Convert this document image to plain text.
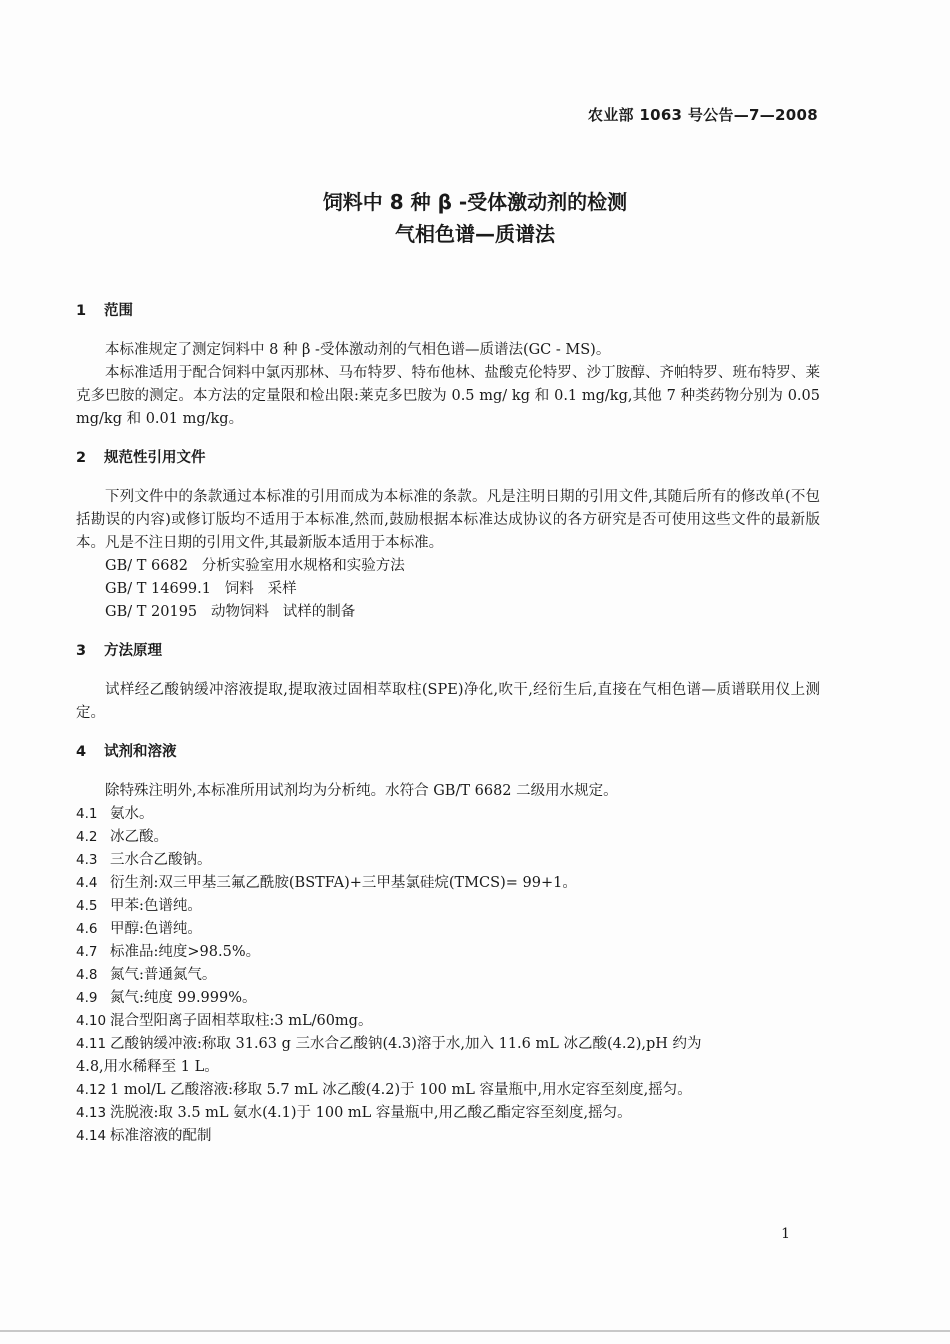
农业部 1063 号公告—7—2008
饲料中 8 种 β -受体激动剂的检测
气相色谱—质谱法
1	范围

本标准规定了测定饲料中 8 种 β -受体激动剂的气相色谱—质谱法(GC - MS)。

本标准适用于配合饲料中氯丙那林、马布特罗、特布他林、盐酸克伦特罗、沙丁胺醇、齐帕特罗、班布特罗、莱克多巴胺的测定。本方法的定量限和检出限:莱克多巴胺为 0.5 mg/ kg 和 0.1 mg/kg,其他 7 种类药物分别为 0.05 mg/kg 和 0.01 mg/kg。

2	规范性引用文件

下列文件中的条款通过本标准的引用而成为本标准的条款。凡是注明日期的引用文件,其随后所有的修改单(不包括勘误的内容)或修订版均不适用于本标准,然而,鼓励根据本标准达成协议的各方研究是否可使用这些文件的最新版本。凡是不注日期的引用文件,其最新版本适用于本标准。

GB/ T 6682   分析实验室用水规格和实验方法

GB/ T 14699.1   饲料   采样

GB/ T 20195   动物饲料   试样的制备

3	方法原理

试样经乙酸钠缓冲溶液提取,提取液过固相萃取柱(SPE)净化,吹干,经衍生后,直接在气相色谱—质谱联用仪上测定。

4	试剂和溶液

除特殊注明外,本标准所用试剂均为分析纯。水符合 GB/T 6682 二级用水规定。

4.1 氨水。
4.2 冰乙酸。
4.3 三水合乙酸钠。
4.4 衍生剂:双三甲基三氟乙酰胺(BSTFA)+三甲基氯硅烷(TMCS)= 99+1。
4.5 甲苯:色谱纯。
4.6 甲醇:色谱纯。
4.7 标准品:纯度>98.5%。
4.8 氮气:普通氮气。
4.9 氮气:纯度 99.999%。
4.10 混合型阳离子固相萃取柱:3 mL/60mg。
4.11 乙酸钠缓冲液:称取 31.63 g 三水合乙酸钠(4.3)溶于水,加入 11.6 mL 冰乙酸(4.2),pH 约为

4.8,用水稀释至 1 L。

4.12 1 mol/L 乙酸溶液:移取 5.7 mL 冰乙酸(4.2)于 100 mL 容量瓶中,用水定容至刻度,摇匀。
4.13 洗脱液:取 3.5 mL 氨水(4.1)于 100 mL 容量瓶中,用乙酸乙酯定容至刻度,摇匀。
4.14 标准溶液的配制
1
